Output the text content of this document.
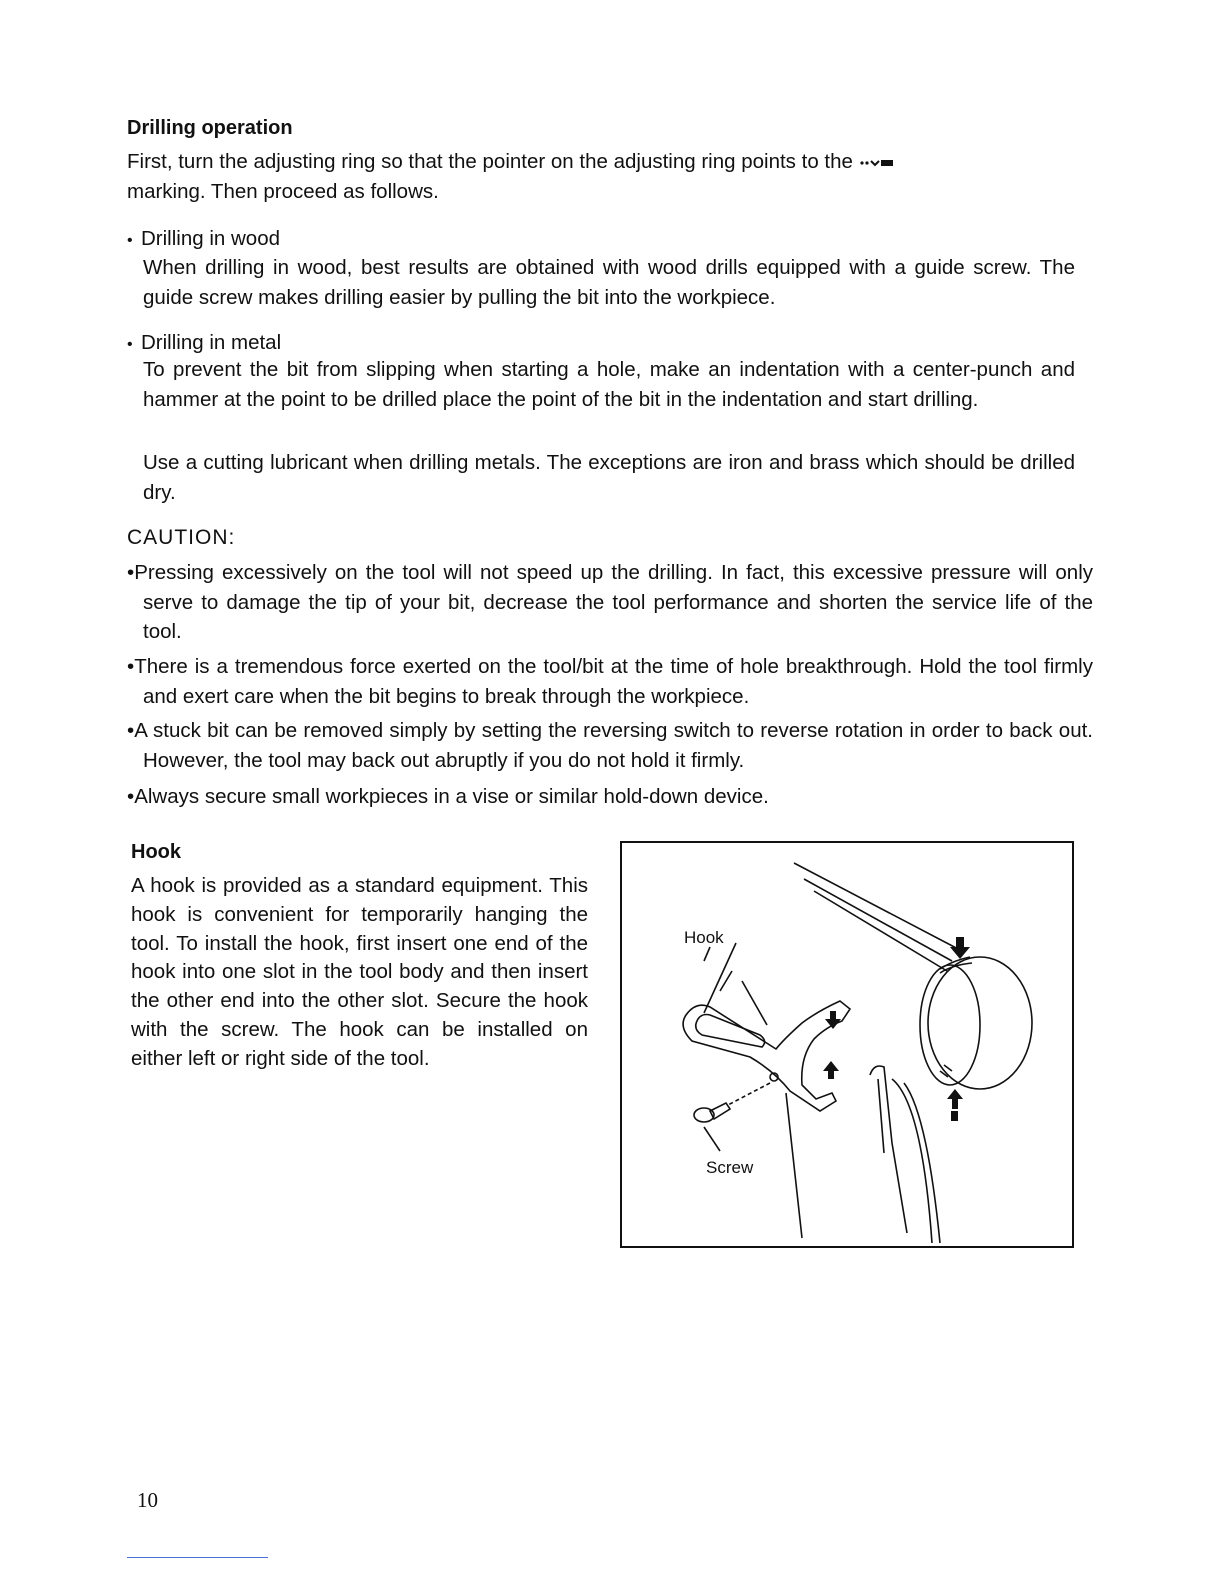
Drilling operation

First, turn the adjusting ring so that the pointer on the adjusting ring points to the
marking. Then proceed as follows.

• Drilling in wood

When drilling in wood, best results are obtained with wood drills equipped with a guide screw. The guide screw makes drilling easier by pulling the bit into the workpiece.

• Drilling in metal

To prevent the bit from slipping when starting a hole, make an indentation with a center-punch and hammer at the point to be drilled place the point of the bit in the indentation and start drilling.

Use a cutting lubricant when drilling metals. The exceptions are iron and brass which should be drilled dry.

CAUTION:

•Pressing excessively on the tool will not speed up the drilling. In fact, this excessive pressure will only serve to damage the tip of your bit, decrease the tool performance and shorten the service life of the tool.

•There is a tremendous force exerted on the tool/bit at the time of hole breakthrough. Hold the tool firmly and exert care when the bit begins to break through the workpiece.

•A stuck bit can be removed simply by setting the reversing switch to reverse rotation in order to back out. However, the tool may back out abruptly if you do not hold it firmly.

•Always secure small workpieces in a vise or similar hold-down device.

Hook

A hook is provided as a standard equipment. This hook is convenient for temporarily hanging the tool. To install the hook, first insert one end of the hook into one slot in the tool body and then insert the other end into the other slot. Secure the hook with the screw. The hook can be installed on either left or right side of the tool.

Hook

Screw

10
